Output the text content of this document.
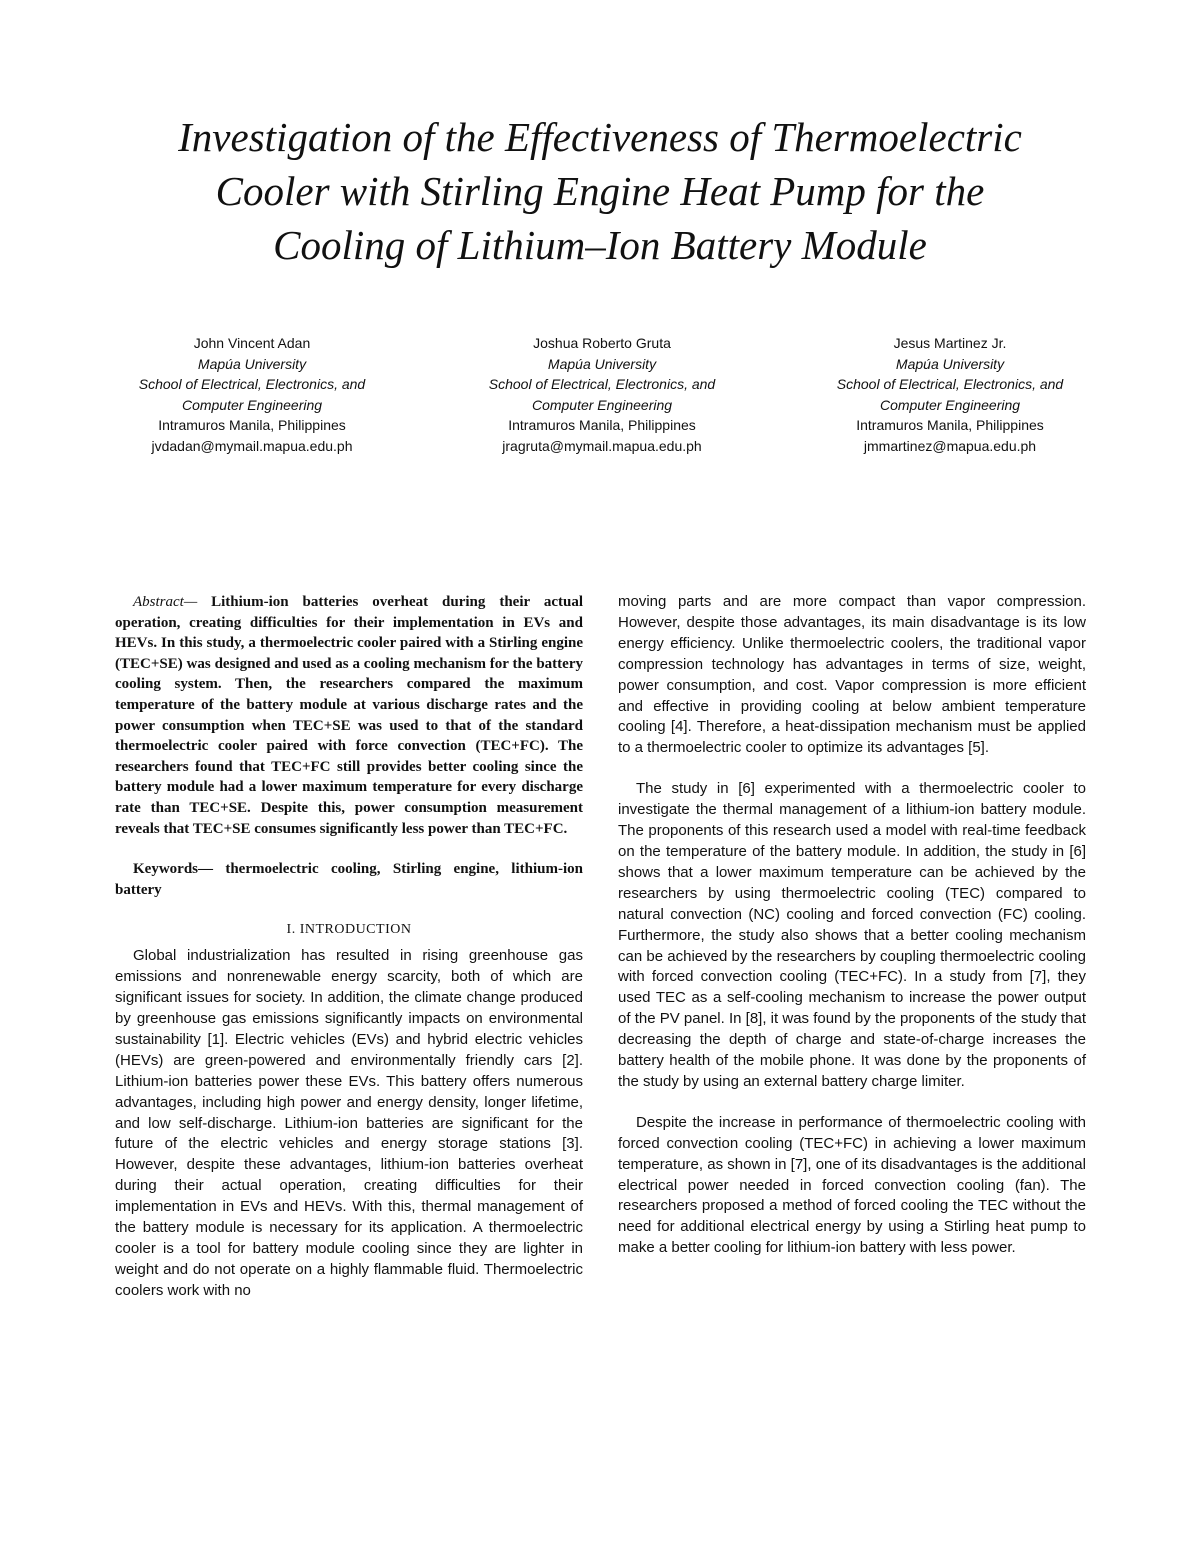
Investigation of the Effectiveness of Thermoelectric
Cooler with Stirling Engine Heat Pump for the
Cooling of Lithium–Ion Battery Module
John Vincent Adan
Mapúa University
School of Electrical, Electronics, and
Computer Engineering
Intramuros Manila, Philippines
jvdadan@mymail.mapua.edu.ph
Joshua Roberto Gruta
Mapúa University
School of Electrical, Electronics, and
Computer Engineering
Intramuros Manila, Philippines
jragruta@mymail.mapua.edu.ph
Jesus Martinez Jr.
Mapúa University
School of Electrical, Electronics, and
Computer Engineering
Intramuros Manila, Philippines
jmmartinez@mapua.edu.ph

Abstract— Lithium-ion batteries overheat during their actual operation, creating difficulties for their implementation in EVs and HEVs. In this study, a thermoelectric cooler paired with a Stirling engine (TEC+SE) was designed and used as a cooling mechanism for the battery cooling system. Then, the researchers compared the maximum temperature of the battery module at various discharge rates and the power consumption when TEC+SE was used to that of the standard thermoelectric cooler paired with force convection (TEC+FC). The researchers found that TEC+FC still provides better cooling since the battery module had a lower maximum temperature for every discharge rate than TEC+SE. Despite this, power consumption measurement reveals that TEC+SE consumes significantly less power than TEC+FC.

Keywords— thermoelectric cooling, Stirling engine, lithium-ion battery

I. INTRODUCTION

Global industrialization has resulted in rising greenhouse gas emissions and nonrenewable energy scarcity, both of which are significant issues for society. In addition, the climate change produced by greenhouse gas emissions significantly impacts on environmental sustainability [1]. Electric vehicles (EVs) and hybrid electric vehicles (HEVs) are green-powered and environmentally friendly cars [2]. Lithium-ion batteries power these EVs. This battery offers numerous advantages, including high power and energy density, longer lifetime, and low self-discharge. Lithium-ion batteries are significant for the future of the electric vehicles and energy storage stations [3]. However, despite these advantages, lithium-ion batteries overheat during their actual operation, creating difficulties for their implementation in EVs and HEVs. With this, thermal management of the battery module is necessary for its application. A thermoelectric cooler is a tool for battery module cooling since they are lighter in weight and do not operate on a highly flammable fluid. Thermoelectric coolers work with no

moving parts and are more compact than vapor compression. However, despite those advantages, its main disadvantage is its low energy efficiency. Unlike thermoelectric coolers, the traditional vapor compression technology has advantages in terms of size, weight, power consumption, and cost. Vapor compression is more efficient and effective in providing cooling at below ambient temperature cooling [4]. Therefore, a heat-dissipation mechanism must be applied to a thermoelectric cooler to optimize its advantages [5].

The study in [6] experimented with a thermoelectric cooler to investigate the thermal management of a lithium-ion battery module. The proponents of this research used a model with real-time feedback on the temperature of the battery module. In addition, the study in [6] shows that a lower maximum temperature can be achieved by the researchers by using thermoelectric cooling (TEC) compared to natural convection (NC) cooling and forced convection (FC) cooling. Furthermore, the study also shows that a better cooling mechanism can be achieved by the researchers by coupling thermoelectric cooling with forced convection cooling (TEC+FC). In a study from [7], they used TEC as a self-cooling mechanism to increase the power output of the PV panel. In [8], it was found by the proponents of the study that decreasing the depth of charge and state-of-charge increases the battery health of the mobile phone. It was done by the proponents of the study by using an external battery charge limiter.

Despite the increase in performance of thermoelectric cooling with forced convection cooling (TEC+FC) in achieving a lower maximum temperature, as shown in [7], one of its disadvantages is the additional electrical power needed in forced convection cooling (fan). The researchers proposed a method of forced cooling the TEC without the need for additional electrical energy by using a Stirling heat pump to make a better cooling for lithium-ion battery with less power.
